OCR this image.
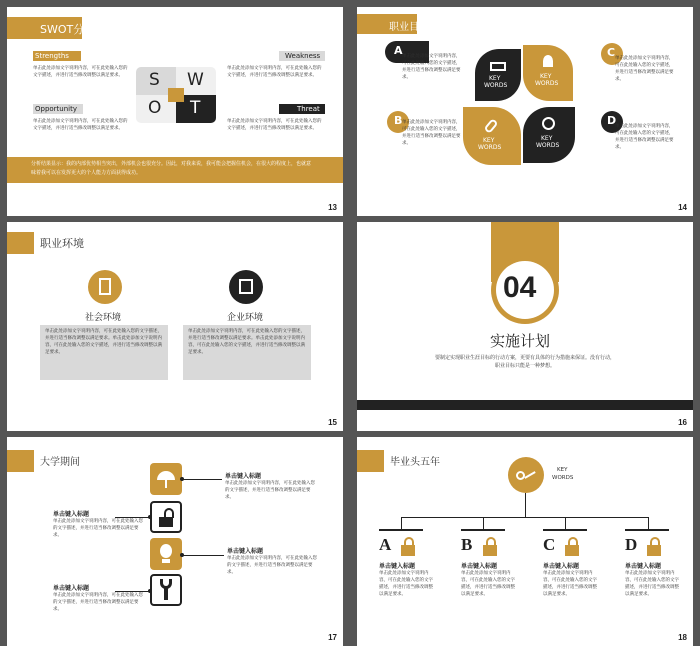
SWOT分析
Strengths
单击此处添加文字说明内容，可在此处输入您的文字描述，并进行适当修改调整以满足要求。
Opportunity
单击此处添加文字说明内容，可在此处输入您的文字描述，并进行适当修改调整以满足要求。
Weakness
单击此处添加文字说明内容，可在此处输入您的文字描述，并进行适当修改调整以满足要求。
Threat
单击此处添加文字说明内容，可在此处输入您的文字描述，并进行适当修改调整以满足要求。
S W
O T
分析结果显示：我的内部优势相当突出，外部机会也很充分。因此，对我来说，我可能会把握住机会，在很大的程度上，也就意味着我可以在发挥更大的个人能力方面获得成功。
13
职业目标
A 单击此处添加文字说明内容，可在此处输入您的文字描述，并进行适当修改调整以满足要求。
B 单击此处添加文字说明内容，可在此处输入您的文字描述，并进行适当修改调整以满足要求。
C 单击此处添加文字说明内容，可在此处输入您的文字描述，并进行适当修改调整以满足要求。
D
单击此处添加文字说明内容，可在此处输入您的文字描述，并进行适当修改调整以满足要求。
KEY
WORDS
KEY
WORDS
KEY
WORDS
KEY
WORDS
14
职业环境
社会环境
单击此处添加文字说明内容，可在此处输入您的文字描述，并进行适当修改调整以满足要求。单击此处添加文字说明内容，可在此处输入您的文字描述，并进行适当修改调整以满足要求。
企业环境
单击此处添加文字说明内容，可在此处输入您的文字描述，并进行适当修改调整以满足要求。单击此处添加文字说明内容，可在此处输入您的文字描述，并进行适当修改调整以满足要求。
15
04
实施计划
要制定实现职业生涯目标的行动方案，更要有具体的行为措施来保证。没有行动，职业目标只能是一种梦想。
16
大学期间
单击键入标题
单击此处添加文字说明内容，可在此处输入您的文字描述，并进行适当修改调整以满足要求。
单击键入标题
单击此处添加文字说明内容，可在此处输入您的文字描述，并进行适当修改调整以满足要求。
单击键入标题
单击此处添加文字说明内容，可在此处输入您的文字描述，并进行适当修改调整以满足要求。
单击键入标题
单击此处添加文字说明内容，可在此处输入您的文字描述，并进行适当修改调整以满足要求。
17
毕业头五年
KEY
WORDS
A
单击键入标题
单击此处添加文字说明内容，可在此处输入您的文字描述，并进行适当修改调整以满足要求。
B
单击键入标题
单击此处添加文字说明内容，可在此处输入您的文字描述，并进行适当修改调整以满足要求。
C
单击键入标题
单击此处添加文字说明内容，可在此处输入您的文字描述，并进行适当修改调整以满足要求。
D
单击键入标题
单击此处添加文字说明内容，可在此处输入您的文字描述，并进行适当修改调整以满足要求。
18
